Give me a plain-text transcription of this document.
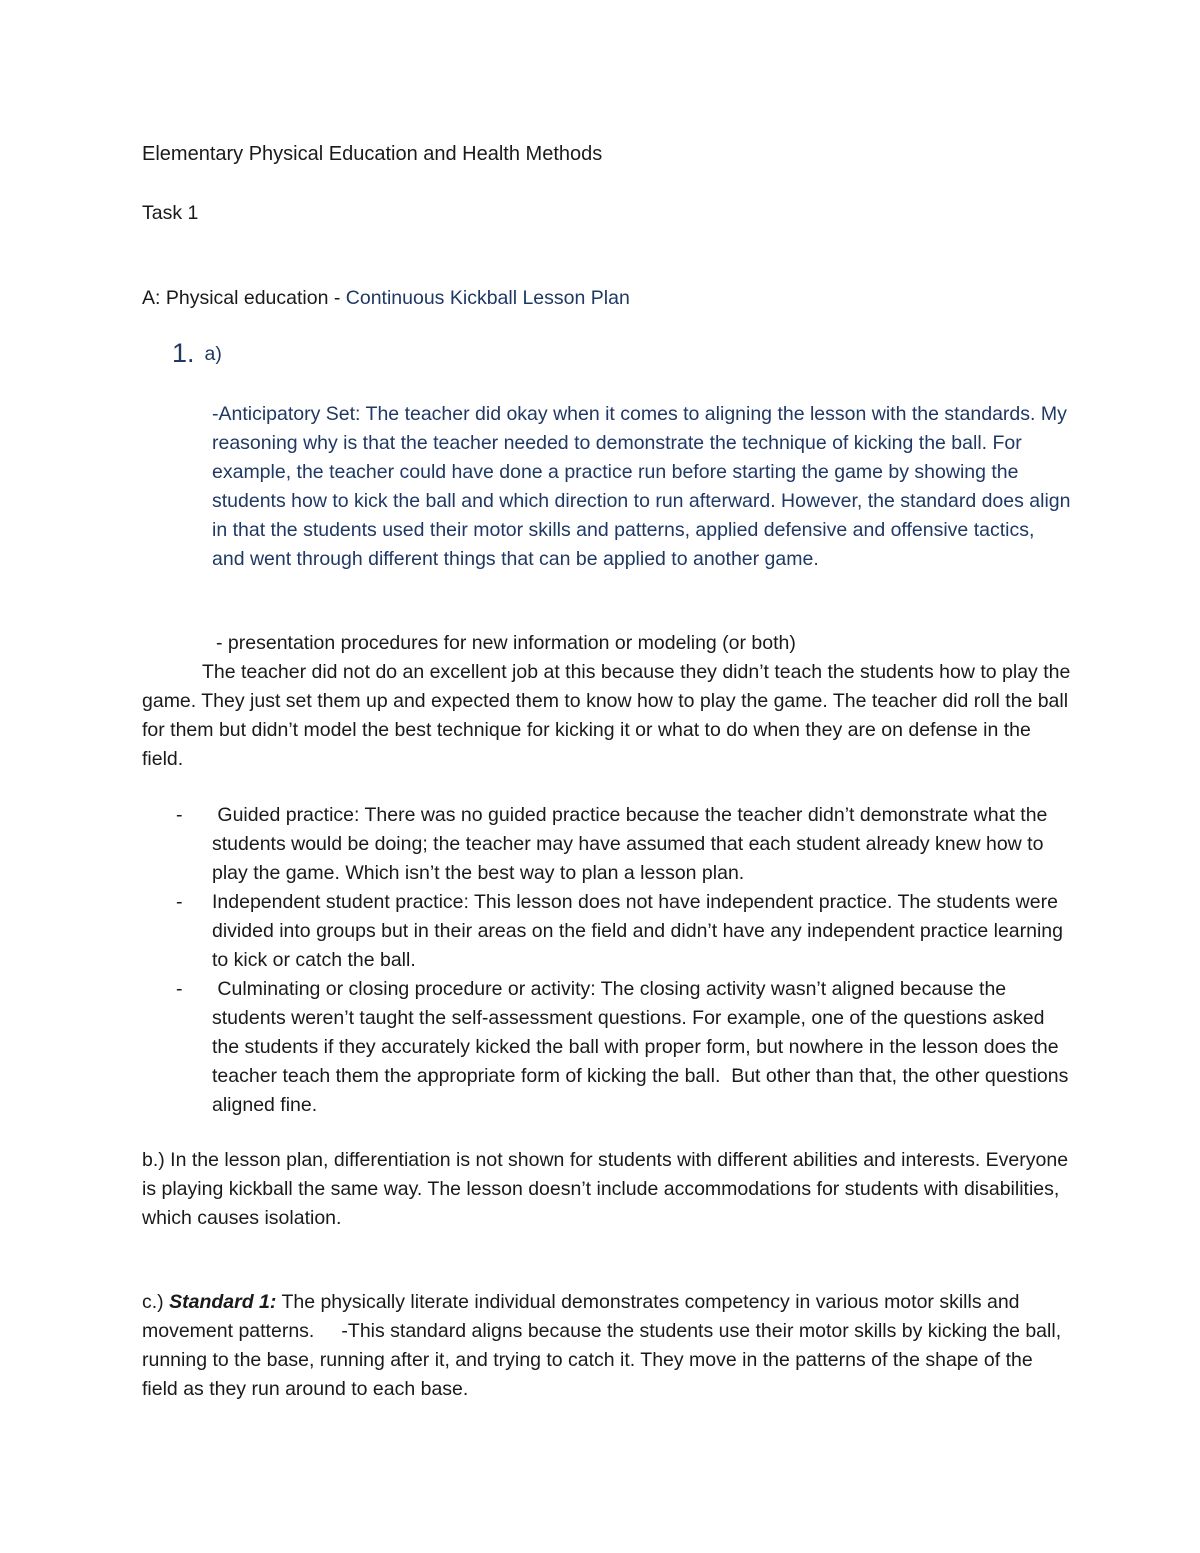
Elementary Physical Education and Health Methods

Task 1

A: Physical education - Continuous Kickball Lesson Plan

1. a)

-Anticipatory Set: The teacher did okay when it comes to aligning the lesson with the standards. My reasoning why is that the teacher needed to demonstrate the technique of kicking the ball. For example, the teacher could have done a practice run before starting the game by showing the students how to kick the ball and which direction to run afterward. However, the standard does align in that the students used their motor skills and patterns, applied defensive and offensive tactics, and went through different things that can be applied to another game.

- presentation procedures for new information or modeling (or both)

The teacher did not do an excellent job at this because they didn’t teach the students how to play the game. They just set them up and expected them to know how to play the game. The teacher did roll the ball for them but didn’t model the best technique for kicking it or what to do when they are on defense in the field.

- Guided practice: There was no guided practice because the teacher didn’t demonstrate what the students would be doing; the teacher may have assumed that each student already knew how to play the game. Which isn’t the best way to plan a lesson plan.
- Independent student practice: This lesson does not have independent practice. The students were divided into groups but in their areas on the field and didn’t have any independent practice learning to kick or catch the ball.
- Culminating or closing procedure or activity: The closing activity wasn’t aligned because the students weren’t taught the self-assessment questions. For example, one of the questions asked the students if they accurately kicked the ball with proper form, but nowhere in the lesson does the teacher teach them the appropriate form of kicking the ball.  But other than that, the other questions aligned fine.

b.) In the lesson plan, differentiation is not shown for students with different abilities and interests. Everyone is playing kickball the same way. The lesson doesn’t include accommodations for students with disabilities, which causes isolation.

c.) Standard 1: The physically literate individual demonstrates competency in various motor skills and movement patterns.     -This standard aligns because the students use their motor skills by kicking the ball, running to the base, running after it, and trying to catch it. They move in the patterns of the shape of the field as they run around to each base.
